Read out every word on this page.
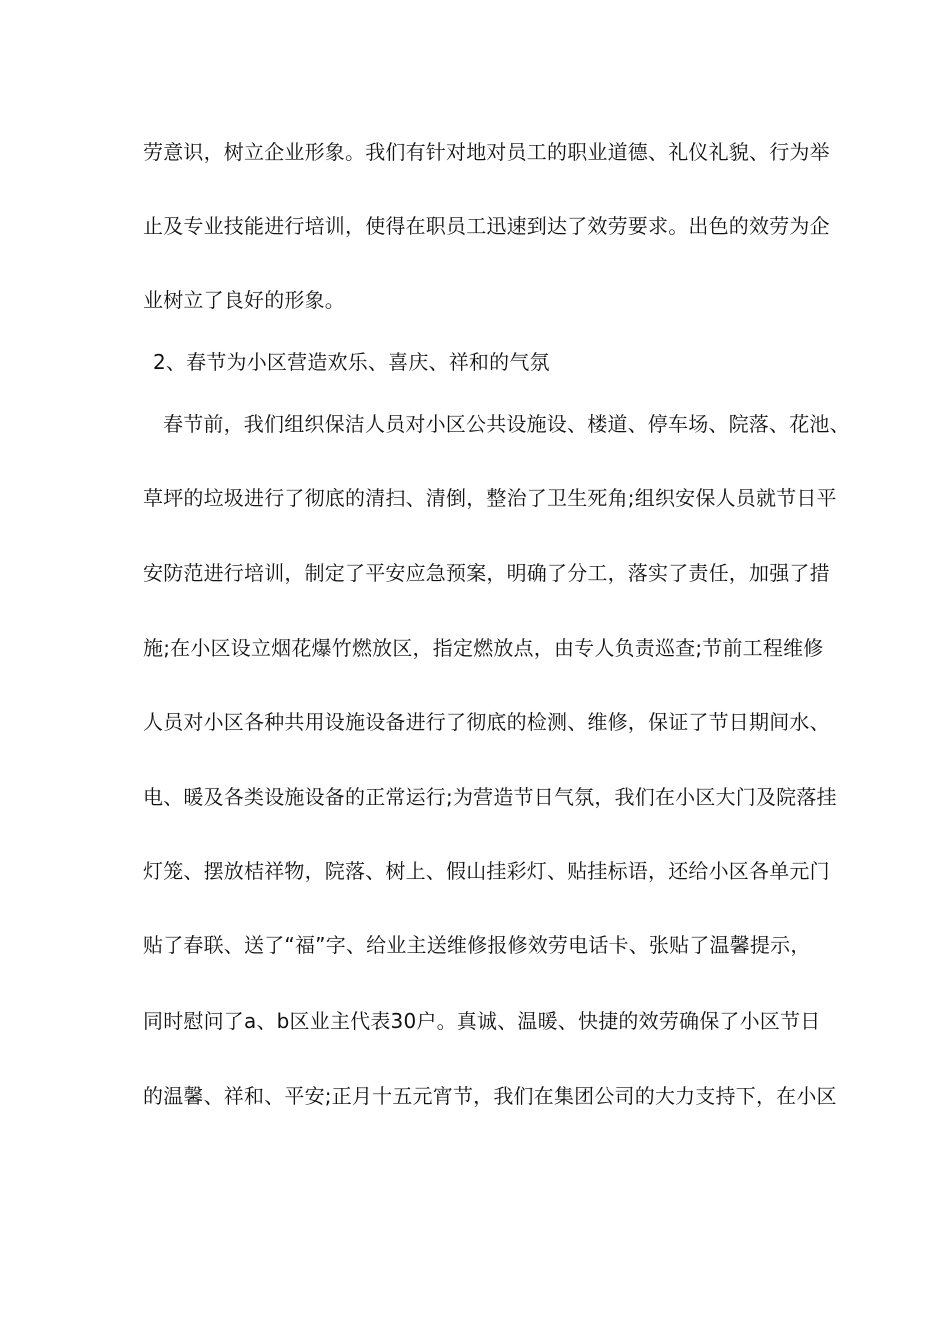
劳意识，树立企业形象。我们有针对地对员工的职业道德、礼仪礼貌、行为举
止及专业技能进行培训，使得在职员工迅速到达了效劳要求。出色的效劳为企
业树立了良好的形象。
2、春节为小区营造欢乐、喜庆、祥和的气氛
春节前，我们组织保洁人员对小区公共设施设、楼道、停车场、院落、花池、
草坪的垃圾进行了彻底的清扫、清倒，整治了卫生死角;组织安保人员就节日平
安防范进行培训，制定了平安应急预案，明确了分工，落实了责任，加强了措
施;在小区设立烟花爆竹燃放区，指定燃放点，由专人负责巡查;节前工程维修
人员对小区各种共用设施设备进行了彻底的检测、维修，保证了节日期间水、
电、暖及各类设施设备的正常运行;为营造节日气氛，我们在小区大门及院落挂
灯笼、摆放桔祥物，院落、树上、假山挂彩灯、贴挂标语，还给小区各单元门
贴了春联、送了“福”字、给业主送维修报修效劳电话卡、张贴了温馨提示，
同时慰问了a、b区业主代表30户。真诚、温暖、快捷的效劳确保了小区节日
的温馨、祥和、平安;正月十五元宵节，我们在集团公司的大力支持下，在小区
